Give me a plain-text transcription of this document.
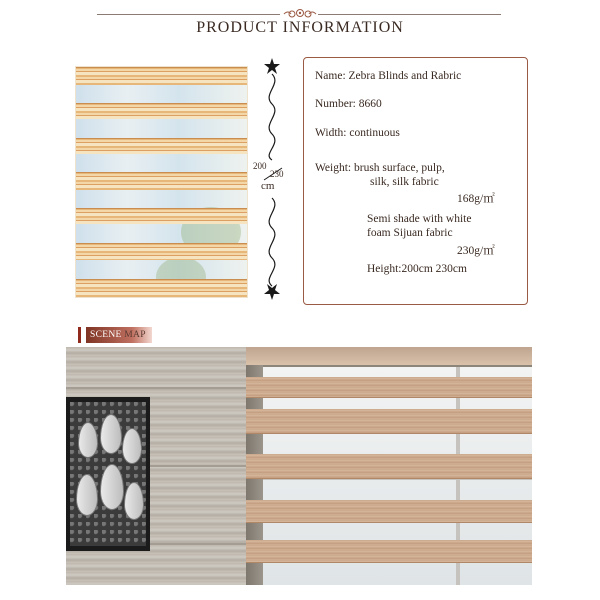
PRODUCT INFORMATION
200
230
cm
Name: Zebra Blinds and Rabric
Number: 8660
Width: continuous
Weight: brush surface, pulp,
silk, silk fabric
168g/㎡
Semi shade with white
foam Sijuan fabric
230g/㎡
Height:200cm 230cm
SCENE MAP
